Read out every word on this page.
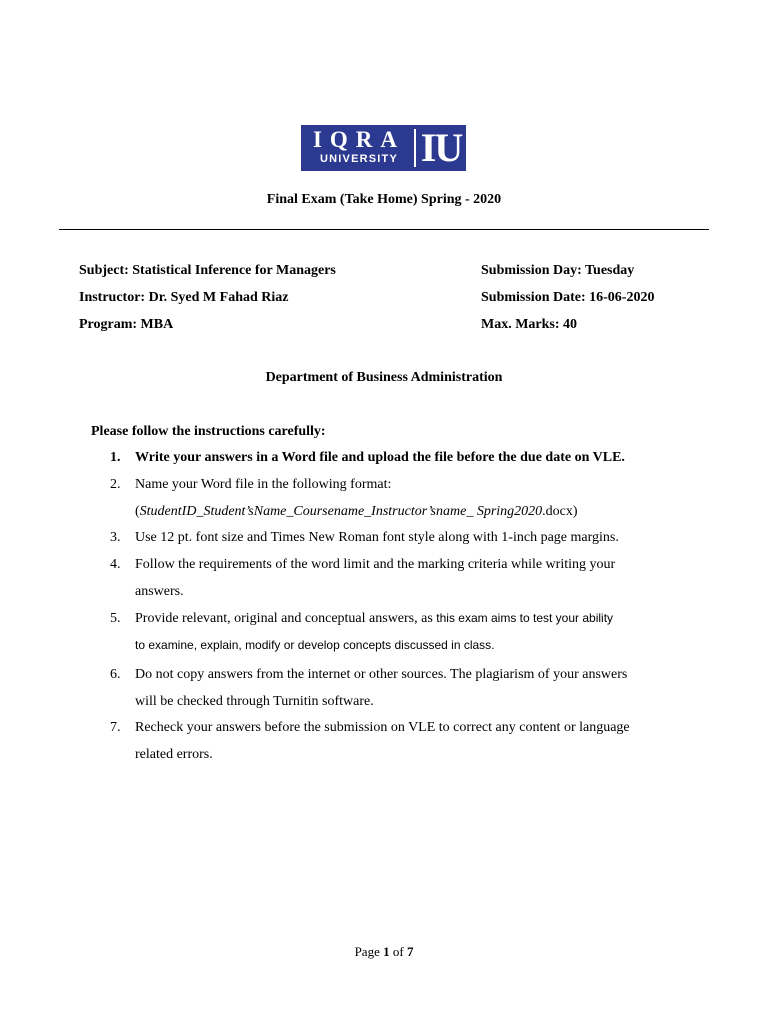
IQRA
UNIVERSITY IU
Final Exam (Take Home) Spring - 2020
Subject: Statistical Inference for Managers
Instructor: Dr. Syed M Fahad Riaz
Program: MBA
Submission Day: Tuesday
Submission Date: 16-06-2020
Max. Marks: 40
Department of Business Administration
Please follow the instructions carefully:
1.	Write your answers in a Word file and upload the file before the due date on VLE.
2.	Name your Word file in the following format:
(StudentID_Student’sName_Coursename_Instructor’sname_ Spring2020.docx)
3.	Use 12 pt. font size and Times New Roman font style along with 1-inch page margins.
4.	Follow the requirements of the word limit and the marking criteria while writing your
answers.
5.	Provide relevant, original and conceptual answers, as this exam aims to test your ability
to examine, explain, modify or develop concepts discussed in class.
6.	Do not copy answers from the internet or other sources. The plagiarism of your answers
will be checked through Turnitin software.
7.	Recheck your answers before the submission on VLE to correct any content or language
related errors.
Page 1 of 7
